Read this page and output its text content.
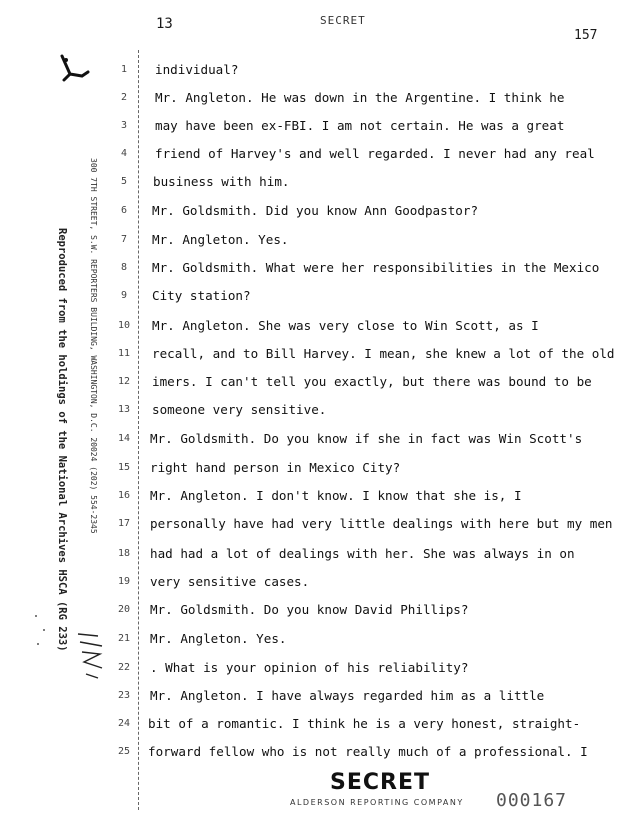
13	SECRET
157
Reproduced from the holdings of the National Archives HSCA (RG 233)	300 7TH STREET, S.W. REPORTERS BUILDING, WASHINGTON, D.C. 20024 (202) 554-2345
1
2
3
4
5
6
7
8
9
10
11
12
13
14
15
16
17
18
19
20
21
22
23
24
25
individual?
Mr. Angleton. He was down in the Argentine. I think he
may have been ex-FBI. I am not certain. He was a great
friend of Harvey's and well regarded. I never had any real
business with him.
Mr. Goldsmith. Did you know Ann Goodpastor?
Mr. Angleton. Yes.
Mr. Goldsmith. What were her responsibilities in the Mexico
City station?
Mr. Angleton. She was very close to Win Scott, as I
recall, and to Bill Harvey. I mean, she knew a lot of the old
imers. I can't tell you exactly, but there was bound to be
someone very sensitive.
Mr. Goldsmith. Do you know if she in fact was Win Scott's
right hand person in Mexico City?
Mr. Angleton. I don't know. I know that she is, I
personally have had very little dealings with here but my men
had had a lot of dealings with her. She was always in on
very sensitive cases.
Mr. Goldsmith. Do you know David Phillips?
Mr. Angleton. Yes.
. What is your opinion of his reliability?
Mr. Angleton. I have always regarded him as a little
bit of a romantic. I think he is a very honest, straight-
forward fellow who is not really much of a professional. I
SECRET
ALDERSON REPORTING COMPANY 000167
